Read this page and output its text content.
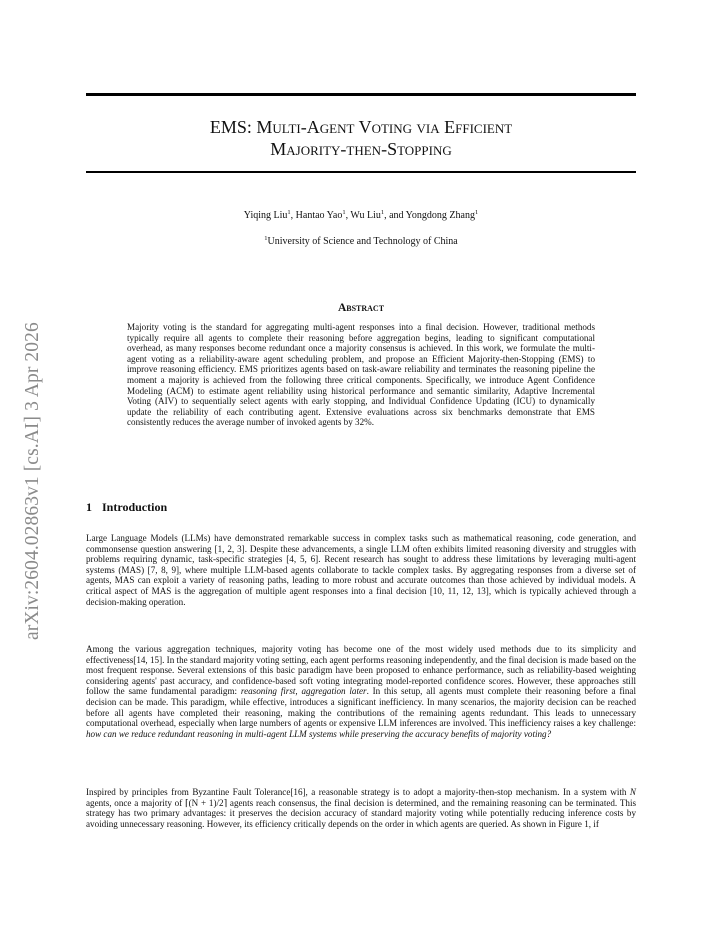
arXiv:2604.02863v1 [cs.AI] 3 Apr 2026
EMS: Multi-Agent Voting via Efficient
Majority-then-Stopping
Yiqing Liu$^1$, Hantao Yao$^1$, Wu Liu$^1$, and Yongdong Zhang$^1$
$^1$University of Science and Technology of China
Abstract
Majority voting is the standard for aggregating multi-agent responses into a final decision. However, traditional methods typically require all agents to complete their reasoning before aggregation begins, leading to significant computational overhead, as many responses become redundant once a majority consensus is achieved. In this work, we formulate the multi-agent voting as a reliability-aware agent scheduling problem, and propose an Efficient Majority-then-Stopping (EMS) to improve reasoning efficiency. EMS prioritizes agents based on task-aware reliability and terminates the reasoning pipeline the moment a majority is achieved from the following three critical components. Specifically, we introduce Agent Confidence Modeling (ACM) to estimate agent reliability using historical performance and semantic similarity, Adaptive Incremental Voting (AIV) to sequentially select agents with early stopping, and Individual Confidence Updating (ICU) to dynamically update the reliability of each contributing agent. Extensive evaluations across six benchmarks demonstrate that EMS consistently reduces the average number of invoked agents by 32%.
1 Introduction

Large Language Models (LLMs) have demonstrated remarkable success in complex tasks such as mathematical reasoning, code generation, and commonsense question answering [1, 2, 3]. Despite these advancements, a single LLM often exhibits limited reasoning diversity and struggles with problems requiring dynamic, task-specific strategies [4, 5, 6]. Recent research has sought to address these limitations by leveraging multi-agent systems (MAS) [7, 8, 9], where multiple LLM-based agents collaborate to tackle complex tasks. By aggregating responses from a diverse set of agents, MAS can exploit a variety of reasoning paths, leading to more robust and accurate outcomes than those achieved by individual models. A critical aspect of MAS is the aggregation of multiple agent responses into a final decision [10, 11, 12, 13], which is typically achieved through a decision-making operation.

Among the various aggregation techniques, majority voting has become one of the most widely used methods due to its simplicity and effectiveness[14, 15]. In the standard majority voting setting, each agent performs reasoning independently, and the final decision is made based on the most frequent response. Several extensions of this basic paradigm have been proposed to enhance performance, such as reliability-based weighting considering agents' past accuracy, and confidence-based soft voting integrating model-reported confidence scores. However, these approaches still follow the same fundamental paradigm: reasoning first, aggregation later. In this setup, all agents must complete their reasoning before a final decision can be made. This paradigm, while effective, introduces a significant inefficiency. In many scenarios, the majority decision can be reached before all agents have completed their reasoning, making the contributions of the remaining agents redundant. This leads to unnecessary computational overhead, especially when large numbers of agents or expensive LLM inferences are involved. This inefficiency raises a key challenge: how can we reduce redundant reasoning in multi-agent LLM systems while preserving the accuracy benefits of majority voting?

Inspired by principles from Byzantine Fault Tolerance[16], a reasonable strategy is to adopt a majority-then-stop mechanism. In a system with N agents, once a majority of ⌈(N + 1)/2⌉ agents reach consensus, the final decision is determined, and the remaining reasoning can be terminated. This strategy has two primary advantages: it preserves the decision accuracy of standard majority voting while potentially reducing inference costs by avoiding unnecessary reasoning. However, its efficiency critically depends on the order in which agents are queried. As shown in Figure 1, if
